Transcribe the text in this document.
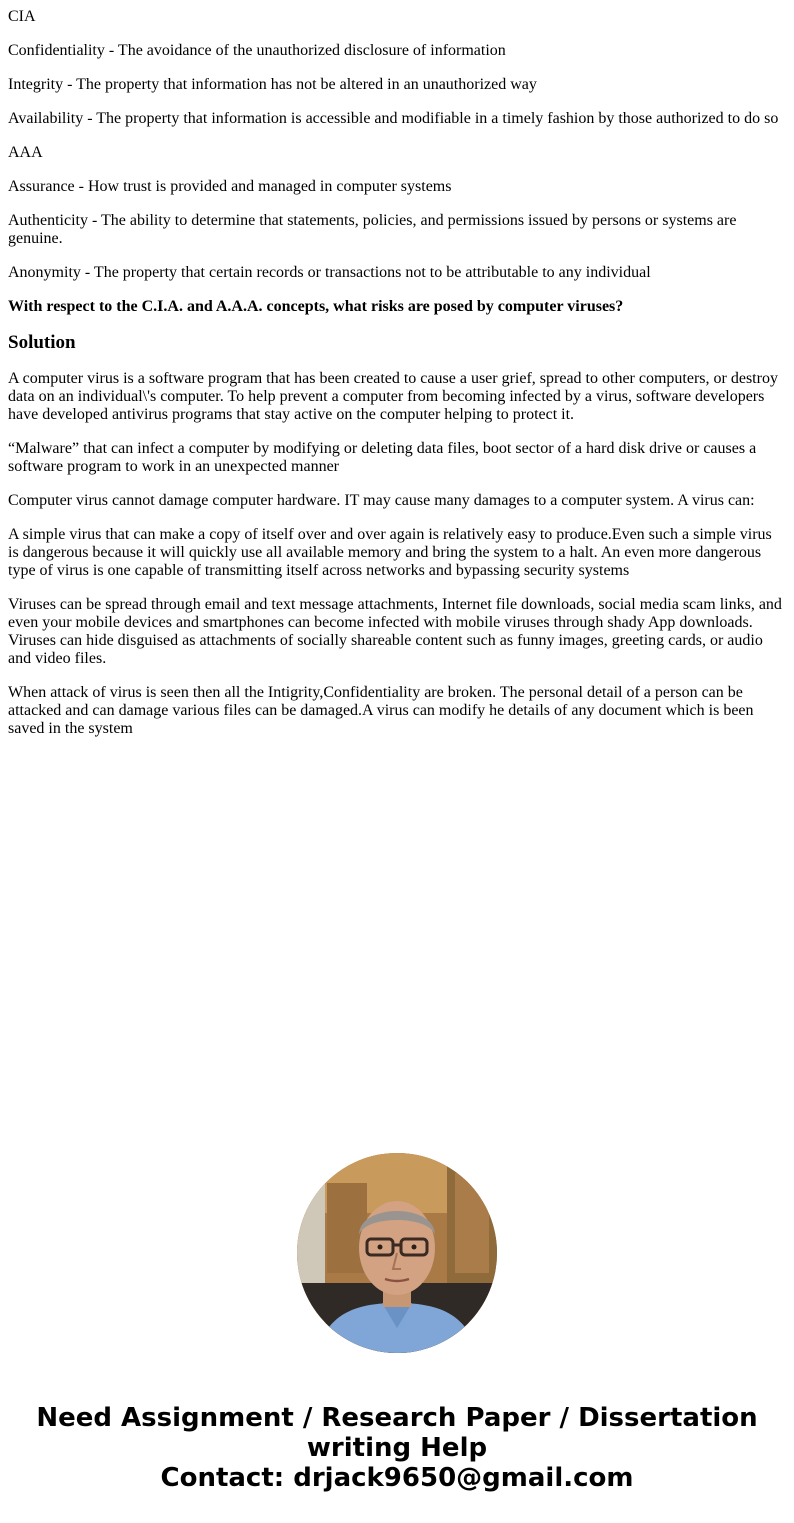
CIA

Confidentiality - The avoidance of the unauthorized disclosure of information

Integrity - The property that information has not be altered in an unauthorized way

Availability - The property that information is accessible and modifiable in a timely fashion by those authorized to do so

AAA

Assurance - How trust is provided and managed in computer systems

Authenticity - The ability to determine that statements, policies, and permissions issued by persons or systems are genuine.

Anonymity - The property that certain records or transactions not to be attributable to any individual

With respect to the C.I.A. and A.A.A. concepts, what risks are posed by computer viruses?

Solution

A computer virus is a software program that has been created to cause a user grief, spread to other computers, or destroy data on an individual\'s computer. To help prevent a computer from becoming infected by a virus, software developers have developed antivirus programs that stay active on the computer helping to protect it.

“Malware” that can infect a computer by modifying or deleting data files, boot sector of a hard disk drive or causes a software program to work in an unexpected manner

Computer virus cannot damage computer hardware. IT may cause many damages to a computer system. A virus can:

A simple virus that can make a copy of itself over and over again is relatively easy to produce.Even such a simple virus is dangerous because it will quickly use all available memory and bring the system to a halt. An even more dangerous type of virus is one capable of transmitting itself across networks and bypassing security systems

Viruses can be spread through email and text message attachments, Internet file downloads, social media scam links, and even your mobile devices and smartphones can become infected with mobile viruses through shady App downloads. Viruses can hide disguised as attachments of socially shareable content such as funny images, greeting cards, or audio and video files.

When attack of virus is seen then all the Intigrity,Confidentiality are broken. The personal detail of a person can be attacked and can damage various files can be damaged.A virus can modify he details of any document which is been saved in the system

Need Assignment / Research Paper / Dissertation
writing Help
Contact: drjack9650@gmail.com
